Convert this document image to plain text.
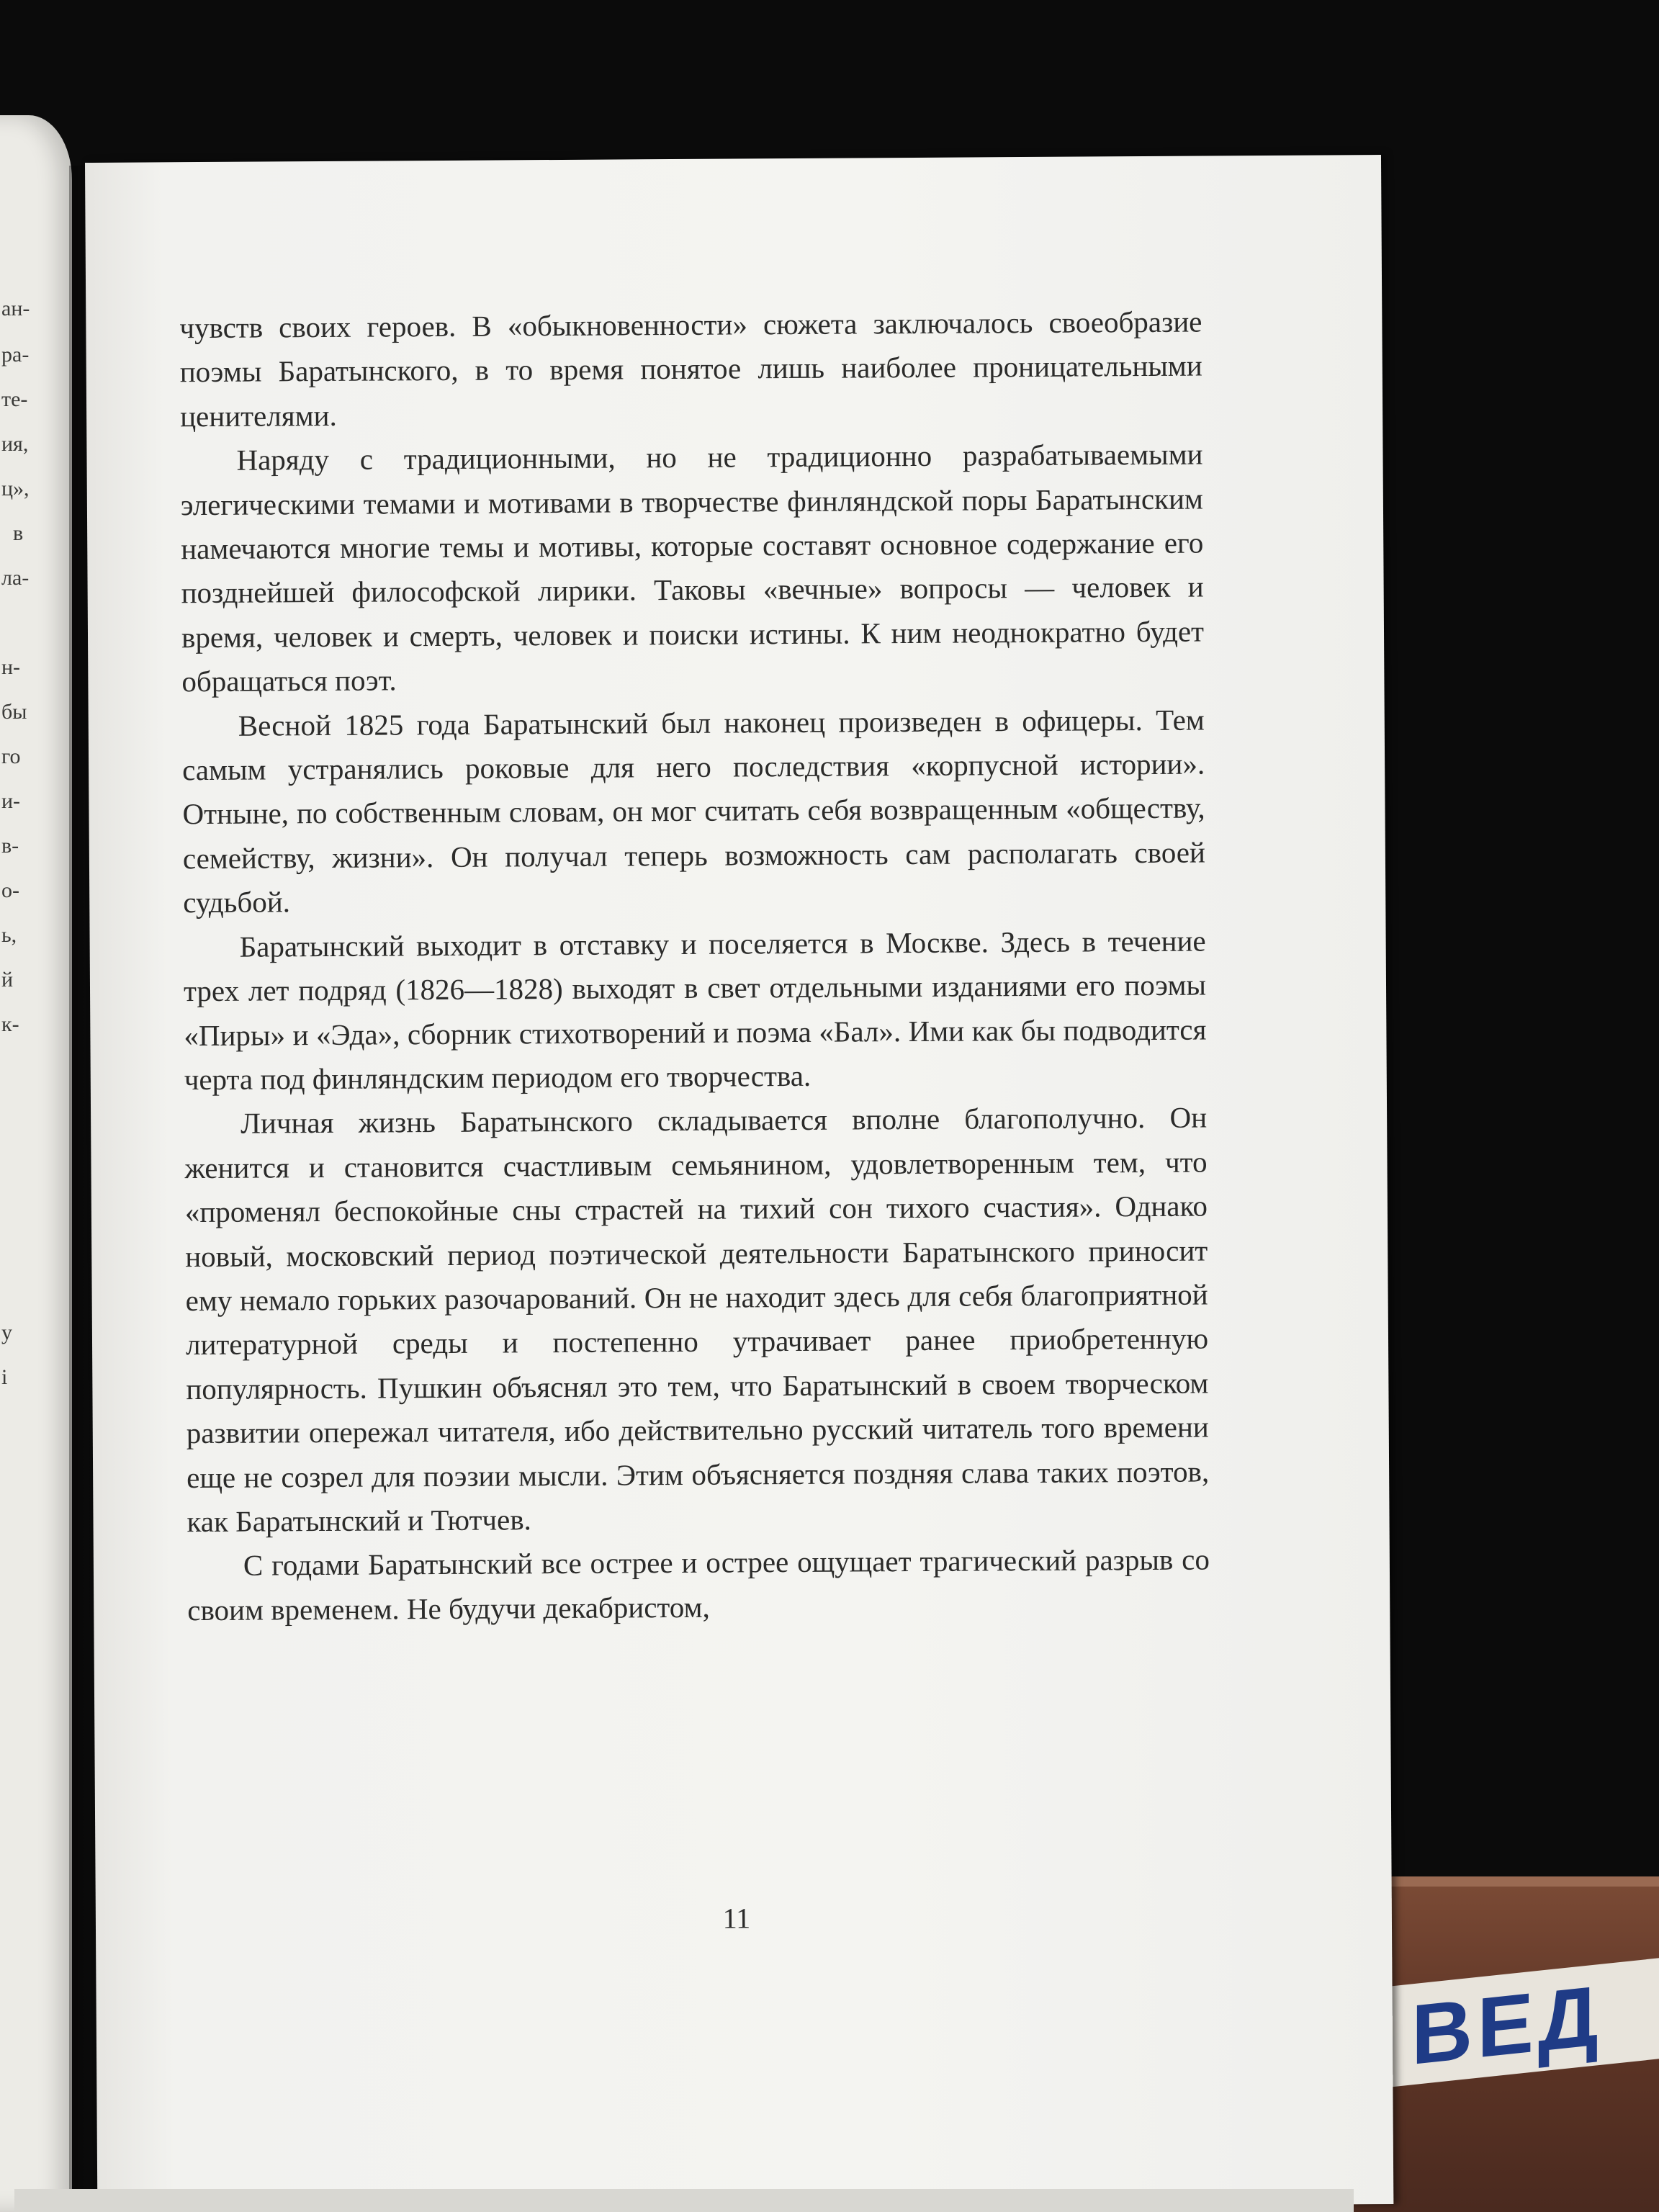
ВЕД
ан-
ра-
те-
ия,
ц»,
в
ла-
н-
бы
го
и-
в-
о-
ь,
й
к-
у
і

чувств своих героев. В «обыкновенности» сюжета заключалось своеобразие поэмы Баратынского, в то время понятое лишь наиболее проницательными ценителями.

Наряду с традиционными, но не традиционно разрабатываемыми элегическими темами и мотивами в творчестве финляндской поры Баратынским намечаются многие темы и мотивы, которые составят основное содержание его позднейшей философской лирики. Таковы «вечные» вопросы — человек и время, человек и смерть, человек и поиски истины. К ним неоднократно будет обращаться поэт.

Весной 1825 года Баратынский был наконец произведен в офицеры. Тем самым устранялись роковые для него последствия «корпусной истории». Отныне, по собственным словам, он мог считать себя возвращенным «обществу, семейству, жизни». Он получал теперь возможность сам располагать своей судьбой.

Баратынский выходит в отставку и поселяется в Москве. Здесь в течение трех лет подряд (1826—1828) выходят в свет отдельными изданиями его поэмы «Пиры» и «Эда», сборник стихотворений и поэма «Бал». Ими как бы подводится черта под финляндским периодом его творчества.

Личная жизнь Баратынского складывается вполне благополучно. Он женится и становится счастливым семьянином, удовлетворенным тем, что «променял беспокойные сны страстей на тихий сон тихого счастия». Однако новый, московский период поэтической деятельности Баратынского приносит ему немало горьких разочарований. Он не находит здесь для себя благоприятной литературной среды и постепенно утрачивает ранее приобретенную популярность. Пушкин объяснял это тем, что Баратынский в своем творческом развитии опережал читателя, ибо действительно русский читатель того времени еще не созрел для поэзии мысли. Этим объясняется поздняя слава таких поэтов, как Баратынский и Тютчев.

С годами Баратынский все острее и острее ощущает трагический разрыв со своим временем. Не будучи декабристом,

11
